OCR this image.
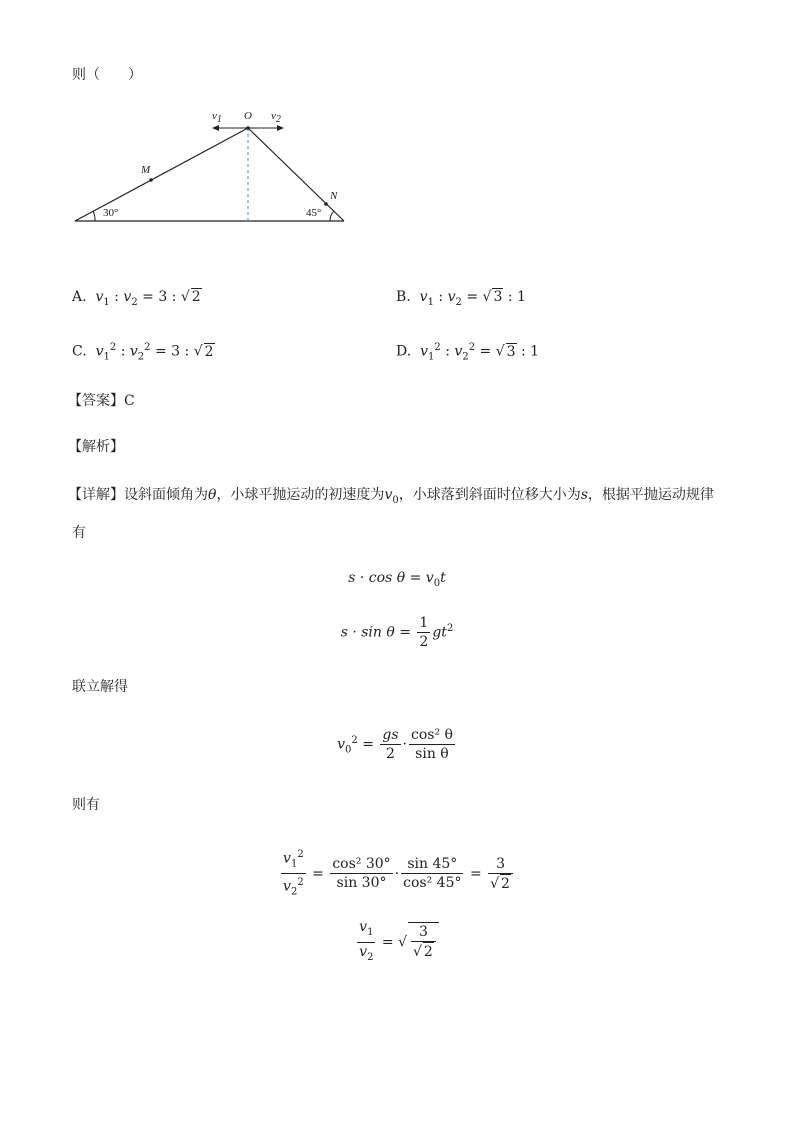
则（　　）
O
M
N
v1	v2
30°	45°
A. $v_1$ : $v_2 = 3$ : √ 2	B. $v_1$ : $v_2$ = √ 3 : 1
C. $v_1^2$ : $v_2^2 = 3$ : √ 2	D. $v_1^2$ : $v_2^2$ = √ 3 : 1
【答案】C
【解析】
【详解】设斜面倾角为θ，小球平抛运动的初速度为$v_0$，小球落到斜面时位移大小为s，根据平抛运动规律
有
$s \cdot \cos \theta = v_0t$
$s \cdot \sin \theta = \frac{1}{2} gt^2$
联立解得
$v_0^2 = \frac{gs}{2} \cdot \frac{\text{cos² θ}}{\text{sin θ}}$
则有
$\frac{v_1^2}{v_2^2} = \frac{\text{cos² 30°}}{\sin 30^\circ} \cdot \frac{\sin 45^\circ}{\text{cos² 45°}} = \frac{3}{√ 2}$
$\frac{v_1}{v_2}$ = √ $\frac{3}{√ 2}$
